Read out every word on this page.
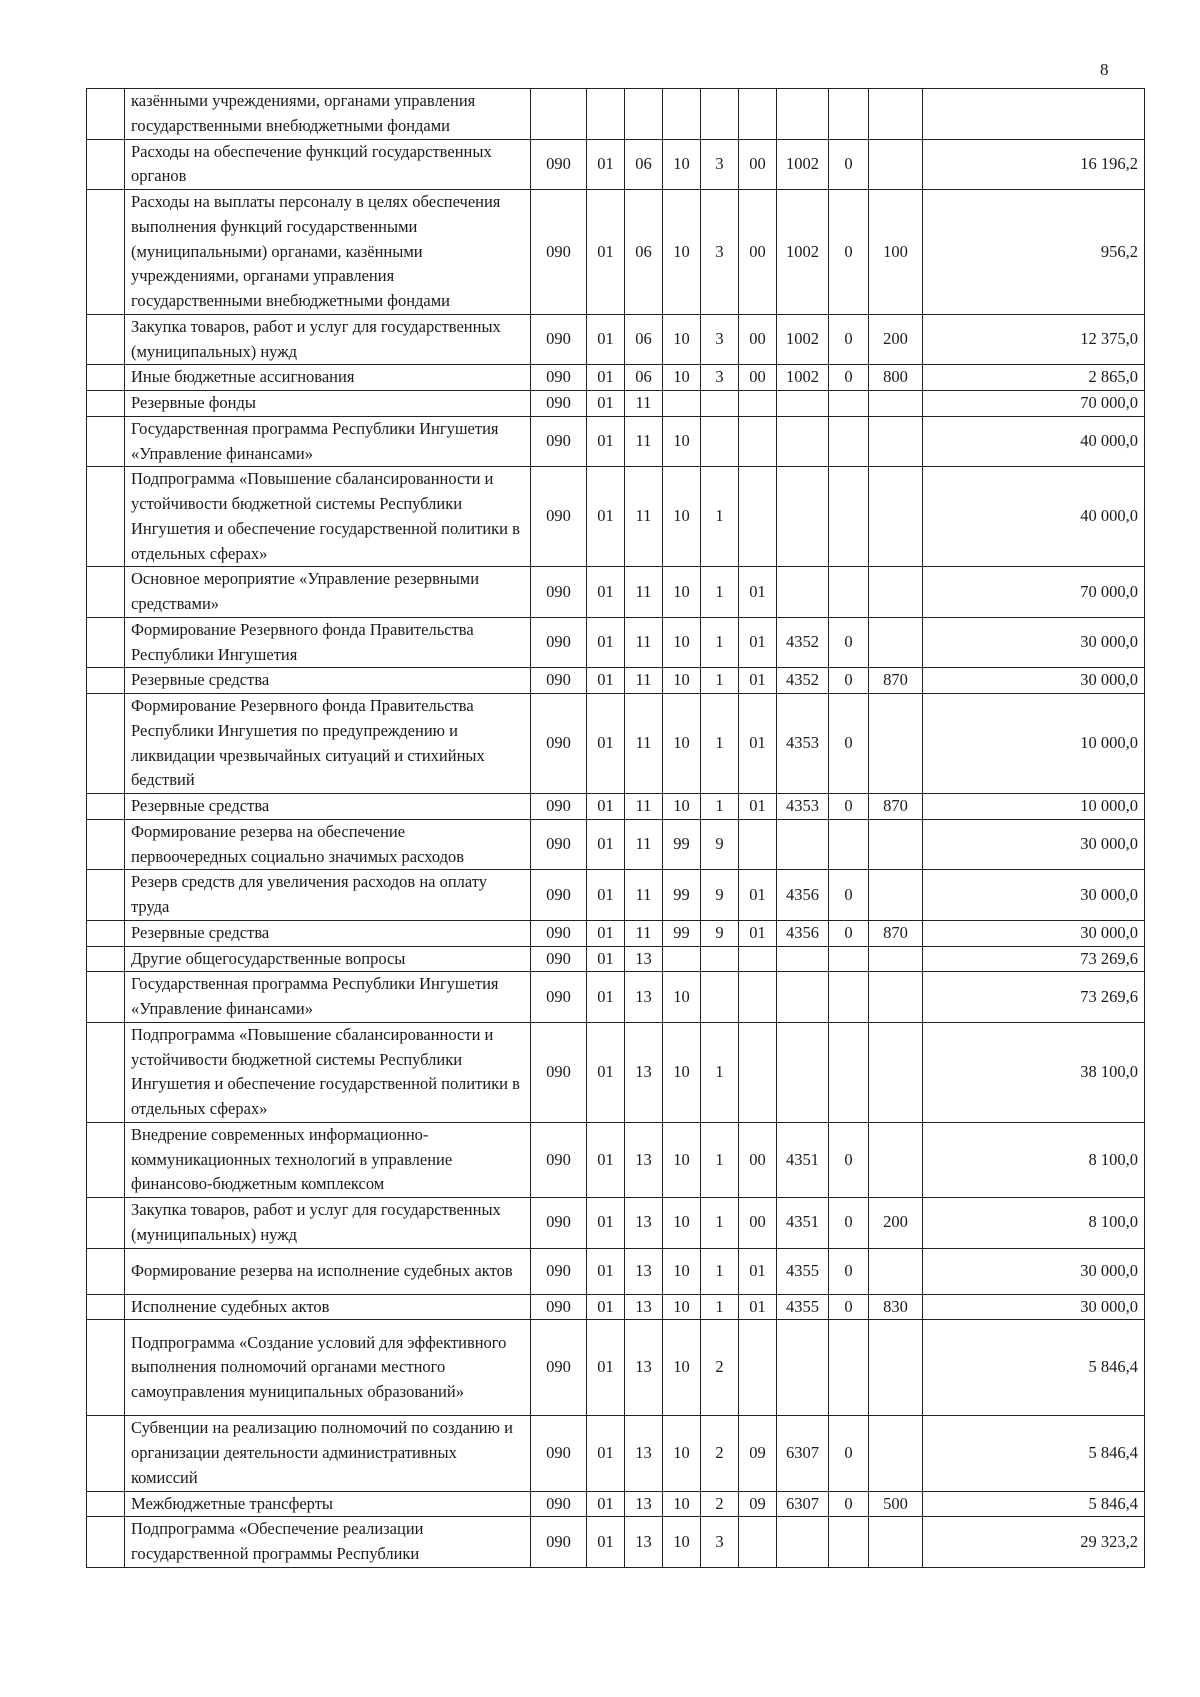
8
	казёнными учреждениями, органами управления государственными внебюджетными фондами										
	Расходы на обеспечение функций государственных органов	090	01	06	10	3	00	1002	0		16 196,2
	Расходы на выплаты персоналу в целях обеспечения выполнения функций государственными (муниципальными) органами, казёнными учреждениями, органами управления государственными внебюджетными фондами	090	01	06	10	3	00	1002	0	100	956,2
	Закупка товаров, работ и услуг для государственных (муниципальных) нужд	090	01	06	10	3	00	1002	0	200	12 375,0
	Иные бюджетные ассигнования	090	01	06	10	3	00	1002	0	800	2 865,0
	Резервные фонды	090	01	11							70 000,0
	Государственная программа Республики Ингушетия «Управление финансами»	090	01	11	10						40 000,0
	Подпрограмма «Повышение сбалансированности и устойчивости бюджетной системы Республики Ингушетия и обеспечение государственной политики в отдельных сферах»	090	01	11	10	1					40 000,0
	Основное мероприятие «Управление резервными средствами»	090	01	11	10	1	01				70 000,0
	Формирование Резервного фонда Правительства Республики Ингушетия	090	01	11	10	1	01	4352	0		30 000,0
	Резервные средства	090	01	11	10	1	01	4352	0	870	30 000,0
	Формирование Резервного фонда Правительства Республики Ингушетия по предупреждению и ликвидации чрезвычайных ситуаций и стихийных бедствий	090	01	11	10	1	01	4353	0		10 000,0
	Резервные средства	090	01	11	10	1	01	4353	0	870	10 000,0
	Формирование резерва на обеспечение первоочередных социально значимых расходов	090	01	11	99	9					30 000,0
	Резерв средств для увеличения расходов на оплату труда	090	01	11	99	9	01	4356	0		30 000,0
	Резервные средства	090	01	11	99	9	01	4356	0	870	30 000,0
	Другие общегосударственные вопросы	090	01	13							73 269,6
	Государственная программа Республики Ингушетия «Управление финансами»	090	01	13	10						73 269,6
	Подпрограмма «Повышение сбалансированности и устойчивости бюджетной системы Республики Ингушетия и обеспечение государственной политики в отдельных сферах»	090	01	13	10	1					38 100,0
	Внедрение современных информационно-коммуникационных технологий в управление финансово-бюджетным комплексом	090	01	13	10	1	00	4351	0		8 100,0
	Закупка товаров, работ и услуг для государственных (муниципальных) нужд	090	01	13	10	1	00	4351	0	200	8 100,0
	Формирование резерва на исполнение судебных актов	090	01	13	10	1	01	4355	0		30 000,0
	Исполнение судебных актов	090	01	13	10	1	01	4355	0	830	30 000,0
	Подпрограмма «Создание условий для эффективного выполнения полномочий органами местного самоуправления муниципальных образований»	090	01	13	10	2					5 846,4
	Субвенции на реализацию полномочий по созданию и организации деятельности административных комиссий	090	01	13	10	2	09	6307	0		5 846,4
	Межбюджетные трансферты	090	01	13	10	2	09	6307	0	500	5 846,4
	Подпрограмма «Обеспечение реализации государственной программы Республики	090	01	13	10	3					29 323,2
